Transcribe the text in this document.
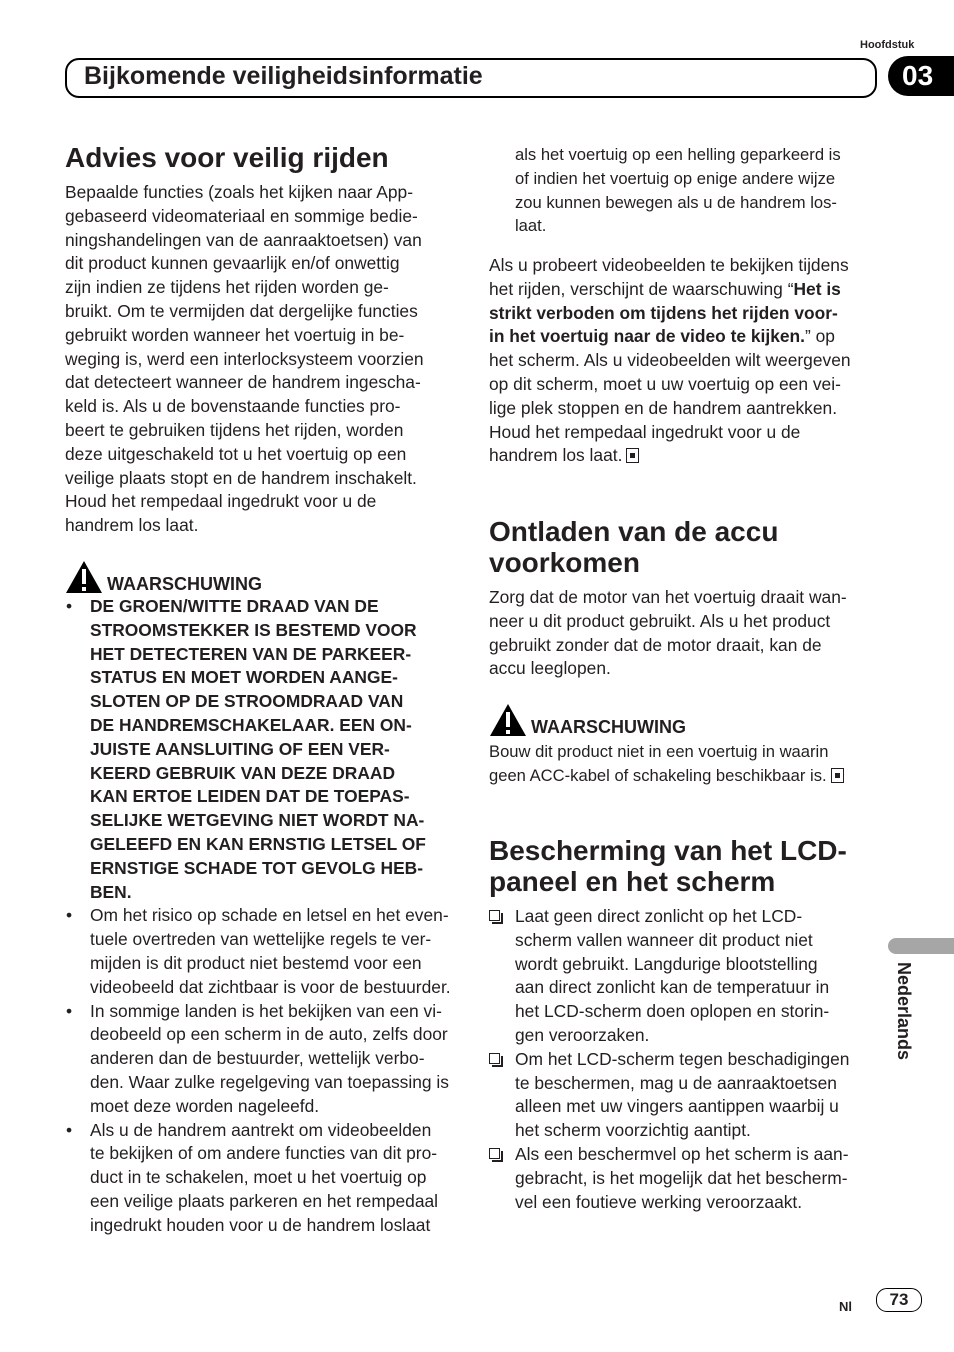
Bijkomende veiligheidsinformatie
Hoofdstuk
03
Advies voor veilig rijden
Bepaalde functies (zoals het kijken naar App-
gebaseerd videomateriaal en sommige bedie-
ningshandelingen van de aanraaktoetsen) van
dit product kunnen gevaarlijk en/of onwettig
zijn indien ze tijdens het rijden worden ge-
bruikt. Om te vermijden dat dergelijke functies
gebruikt worden wanneer het voertuig in be-
weging is, werd een interlocksysteem voorzien
dat detecteert wanneer de handrem ingescha-
keld is. Als u de bovenstaande functies pro-
beert te gebruiken tijdens het rijden, worden
deze uitgeschakeld tot u het voertuig op een
veilige plaats stopt en de handrem inschakelt.
Houd het rempedaal ingedrukt voor u de
handrem los laat.
WAARSCHUWING
• DE GROEN/WITTE DRAAD VAN DE
STROOMSTEKKER IS BESTEMD VOOR
HET DETECTEREN VAN DE PARKEER-
STATUS EN MOET WORDEN AANGE-
SLOTEN OP DE STROOMDRAAD VAN
DE HANDREMSCHAKELAAR. EEN ON-
JUISTE AANSLUITING OF EEN VER-
KEERD GEBRUIK VAN DEZE DRAAD
KAN ERTOE LEIDEN DAT DE TOEPAS-
SELIJKE WETGEVING NIET WORDT NA-
GELEEFD EN KAN ERNSTIG LETSEL OF
ERNSTIGE SCHADE TOT GEVOLG HEB-
BEN.
• Om het risico op schade en letsel en het even-
tuele overtreden van wettelijke regels te ver-
mijden is dit product niet bestemd voor een
videobeeld dat zichtbaar is voor de bestuurder.
• In sommige landen is het bekijken van een vi-
deobeeld op een scherm in de auto, zelfs door
anderen dan de bestuurder, wettelijk verbo-
den. Waar zulke regelgeving van toepassing is
moet deze worden nageleefd.
• Als u de handrem aantrekt om videobeelden
te bekijken of om andere functies van dit pro-
duct in te schakelen, moet u het voertuig op
een veilige plaats parkeren en het rempedaal
ingedrukt houden voor u de handrem loslaat
als het voertuig op een helling geparkeerd is
of indien het voertuig op enige andere wijze
zou kunnen bewegen als u de handrem los-
laat.
Als u probeert videobeelden te bekijken tijdens
het rijden, verschijnt de waarschuwing “Het is
strikt verboden om tijdens het rijden voor-
in het voertuig naar de video te kijken.” op
het scherm. Als u videobeelden wilt weergeven
op dit scherm, moet u uw voertuig op een vei-
lige plek stoppen en de handrem aantrekken.
Houd het rempedaal ingedrukt voor u de
handrem los laat.
Ontladen van de accu
voorkomen
Zorg dat de motor van het voertuig draait wan-
neer u dit product gebruikt. Als u het product
gebruikt zonder dat de motor draait, kan de
accu leeglopen.
WAARSCHUWING
Bouw dit product niet in een voertuig in waarin
geen ACC-kabel of schakeling beschikbaar is.
Bescherming van het LCD-
paneel en het scherm
Laat geen direct zonlicht op het LCD-
scherm vallen wanneer dit product niet
wordt gebruikt. Langdurige blootstelling
aan direct zonlicht kan de temperatuur in
het LCD-scherm doen oplopen en storin-
gen veroorzaken.
Om het LCD-scherm tegen beschadigingen
te beschermen, mag u de aanraaktoetsen
alleen met uw vingers aantippen waarbij u
het scherm voorzichtig aantipt.
Als een beschermvel op het scherm is aan-
gebracht, is het mogelijk dat het bescherm-
vel een foutieve werking veroorzaakt.
Nederlands
Nl	73
